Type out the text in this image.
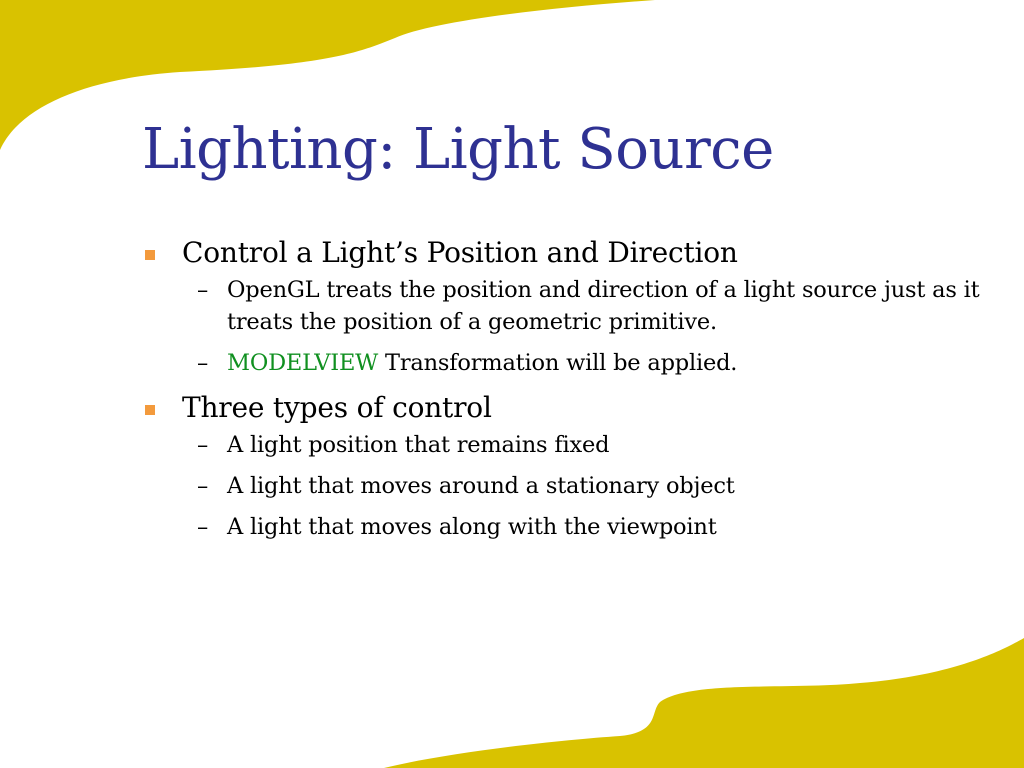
Lighting: Light Source
Control a Light’s Position and Direction
– OpenGL treats the position and direction of a light source just as it treats the position of a geometric primitive.
– MODELVIEW Transformation will be applied.
Three types of control
– A light position that remains fixed
– A light that moves around a stationary object
– A light that moves along with the viewpoint
